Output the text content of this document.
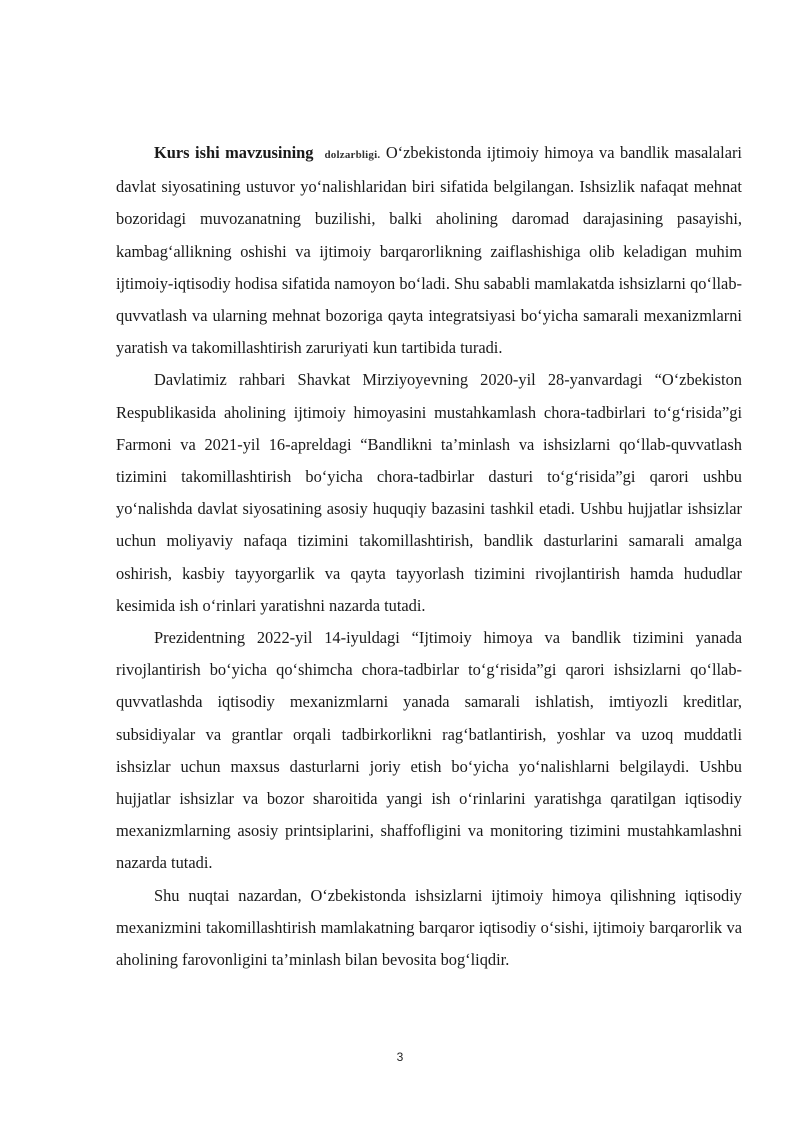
Kurs ishi mavzusining dolzarbligi. O‘zbekistonda ijtimoiy himoya va bandlik masalalari davlat siyosatining ustuvor yo‘nalishlaridan biri sifatida belgilangan. Ishsizlik nafaqat mehnat bozoridagi muvozanatning buzilishi, balki aholining daromad darajasining pasayishi, kambag‘allikning oshishi va ijtimoiy barqarorlikning zaiflashishiga olib keladigan muhim ijtimoiy-iqtisodiy hodisa sifatida namoyon bo‘ladi. Shu sababli mamlakatda ishsizlarni qo‘llab-quvvatlash va ularning mehnat bozoriga qayta integratsiyasi bo‘yicha samarali mexanizmlarni yaratish va takomillashtirish zaruriyati kun tartibida turadi.

Davlatimiz rahbari Shavkat Mirziyoyevning 2020-yil 28-yanvardagi “O‘zbekiston Respublikasida aholining ijtimoiy himoyasini mustahkamlash chora-tadbirlari to‘g‘risida”gi Farmoni va 2021-yil 16-apreldagi “Bandlikni ta’minlash va ishsizlarni qo‘llab-quvvatlash tizimini takomillashtirish bo‘yicha chora-tadbirlar dasturi to‘g‘risida”gi qarori ushbu yo‘nalishda davlat siyosatining asosiy huquqiy bazasini tashkil etadi. Ushbu hujjatlar ishsizlar uchun moliyaviy nafaqa tizimini takomillashtirish, bandlik dasturlarini samarali amalga oshirish, kasbiy tayyorgarlik va qayta tayyorlash tizimini rivojlantirish hamda hududlar kesimida ish o‘rinlari yaratishni nazarda tutadi.

Prezidentning 2022-yil 14-iyuldagi “Ijtimoiy himoya va bandlik tizimini yanada rivojlantirish bo‘yicha qo‘shimcha chora-tadbirlar to‘g‘risida”gi qarori ishsizlarni qo‘llab-quvvatlashda iqtisodiy mexanizmlarni yanada samarali ishlatish, imtiyozli kreditlar, subsidiyalar va grantlar orqali tadbirkorlikni rag‘batlantirish, yoshlar va uzoq muddatli ishsizlar uchun maxsus dasturlarni joriy etish bo‘yicha yo‘nalishlarni belgilaydi. Ushbu hujjatlar ishsizlar va bozor sharoitida yangi ish o‘rinlarini yaratishga qaratilgan iqtisodiy mexanizmlarning asosiy printsiplarini, shaffofligini va monitoring tizimini mustahkamlashni nazarda tutadi.

Shu nuqtai nazardan, O‘zbekistonda ishsizlarni ijtimoiy himoya qilishning iqtisodiy mexanizmini takomillashtirish mamlakatning barqaror iqtisodiy o‘sishi, ijtimoiy barqarorlik va aholining farovonligini ta’minlash bilan bevosita bog‘liqdir.

3
